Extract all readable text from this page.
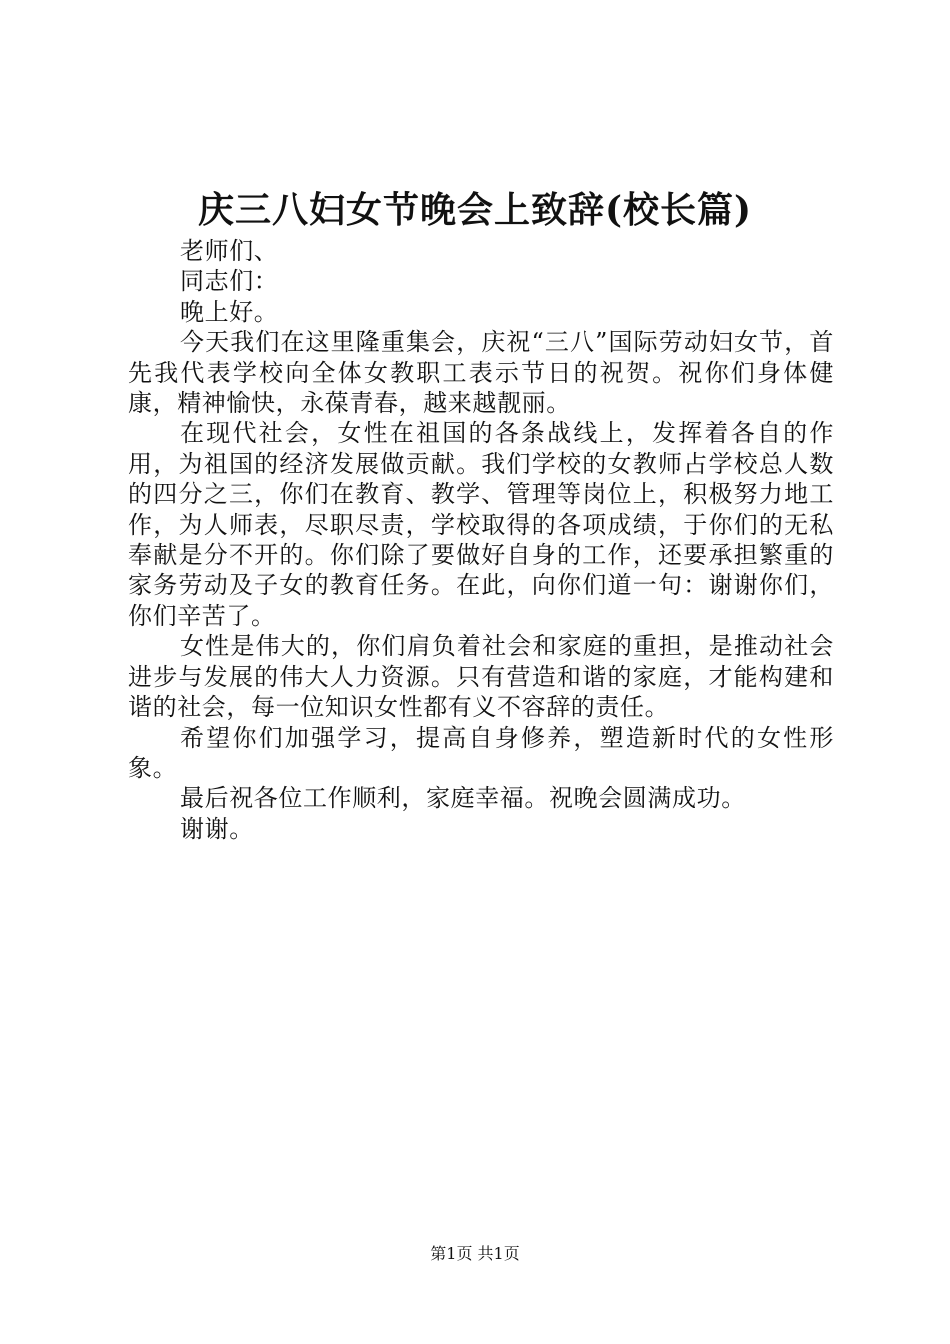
庆三八妇女节晚会上致辞(校长篇)

老师们、

同志们：

晚上好。

今天我们在这里隆重集会，庆祝“三八”国际劳动妇女节，首先我代表学校向全体女教职工表示节日的祝贺。祝你们身体健康，精神愉快，永葆青春，越来越靓丽。

在现代社会，女性在祖国的各条战线上，发挥着各自的作用，为祖国的经济发展做贡献。我们学校的女教师占学校总人数的四分之三，你们在教育、教学、管理等岗位上，积极努力地工作，为人师表，尽职尽责，学校取得的各项成绩，于你们的无私奉献是分不开的。你们除了要做好自身的工作，还要承担繁重的家务劳动及子女的教育任务。在此，向你们道一句：谢谢你们，你们辛苦了。

女性是伟大的，你们肩负着社会和家庭的重担，是推动社会进步与发展的伟大人力资源。只有营造和谐的家庭，才能构建和谐的社会，每一位知识女性都有义不容辞的责任。

希望你们加强学习，提高自身修养，塑造新时代的女性形象。

最后祝各位工作顺利，家庭幸福。祝晚会圆满成功。

谢谢。

第1页 共1页
